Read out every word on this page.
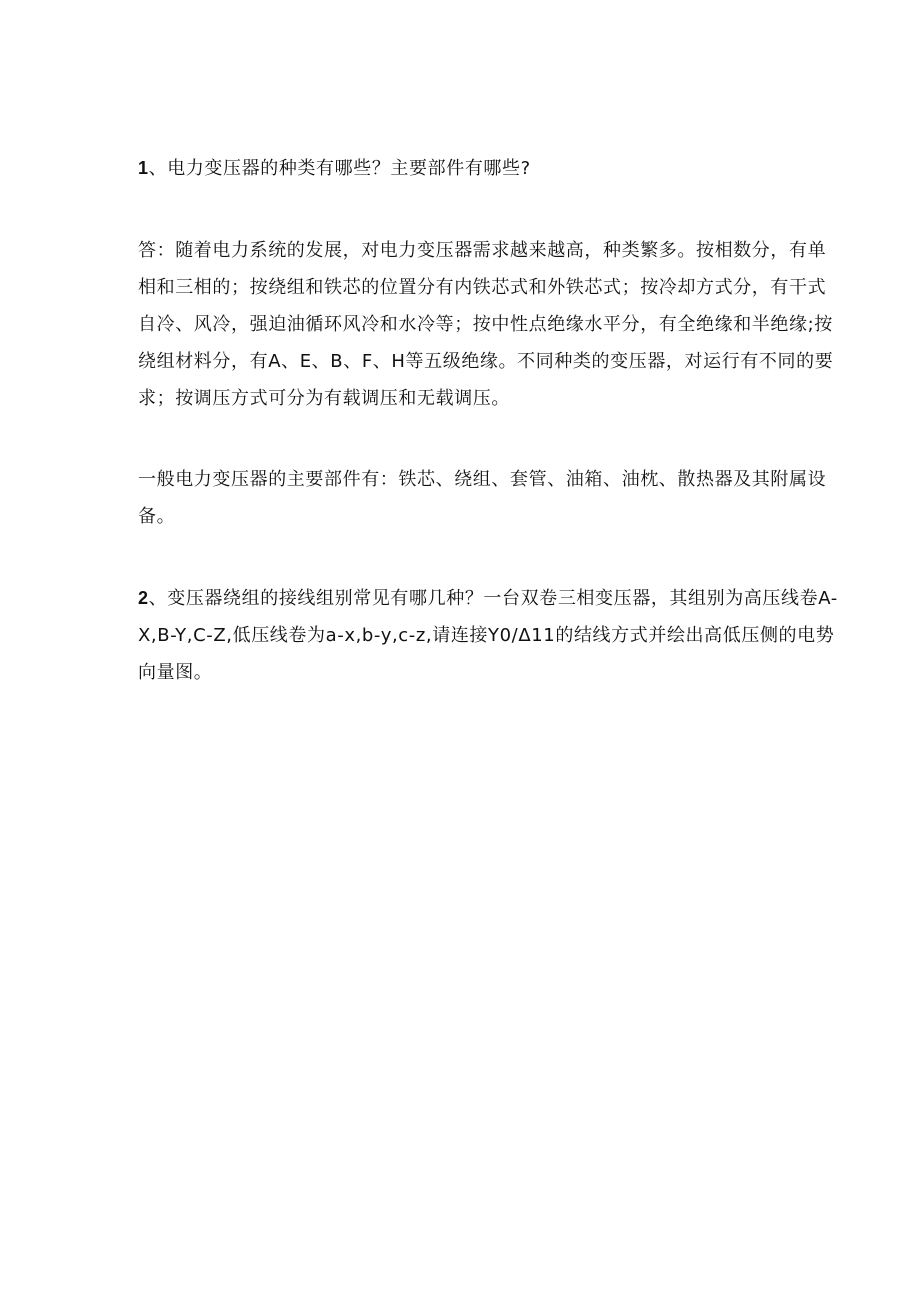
1、电力变压器的种类有哪些？主要部件有哪些?

答：随着电力系统的发展，对电力变压器需求越来越高，种类繁多。按相数分，有单相和三相的；按绕组和铁芯的位置分有内铁芯式和外铁芯式；按冷却方式分，有干式自冷、风冷，强迫油循环风冷和水冷等；按中性点绝缘水平分，有全绝缘和半绝缘;按绕组材料分，有A、E、B、F、H等五级绝缘。不同种类的变压器，对运行有不同的要求；按调压方式可分为有载调压和无载调压。

一般电力变压器的主要部件有：铁芯、绕组、套管、油箱、油枕、散热器及其附属设备。

2、变压器绕组的接线组别常见有哪几种？一台双卷三相变压器，其组别为高压线卷A-X,B-Y,C-Z,低压线卷为a-x,b-y,c-z,请连接Y0/Δ11的结线方式并绘出高低压侧的电势向量图。
